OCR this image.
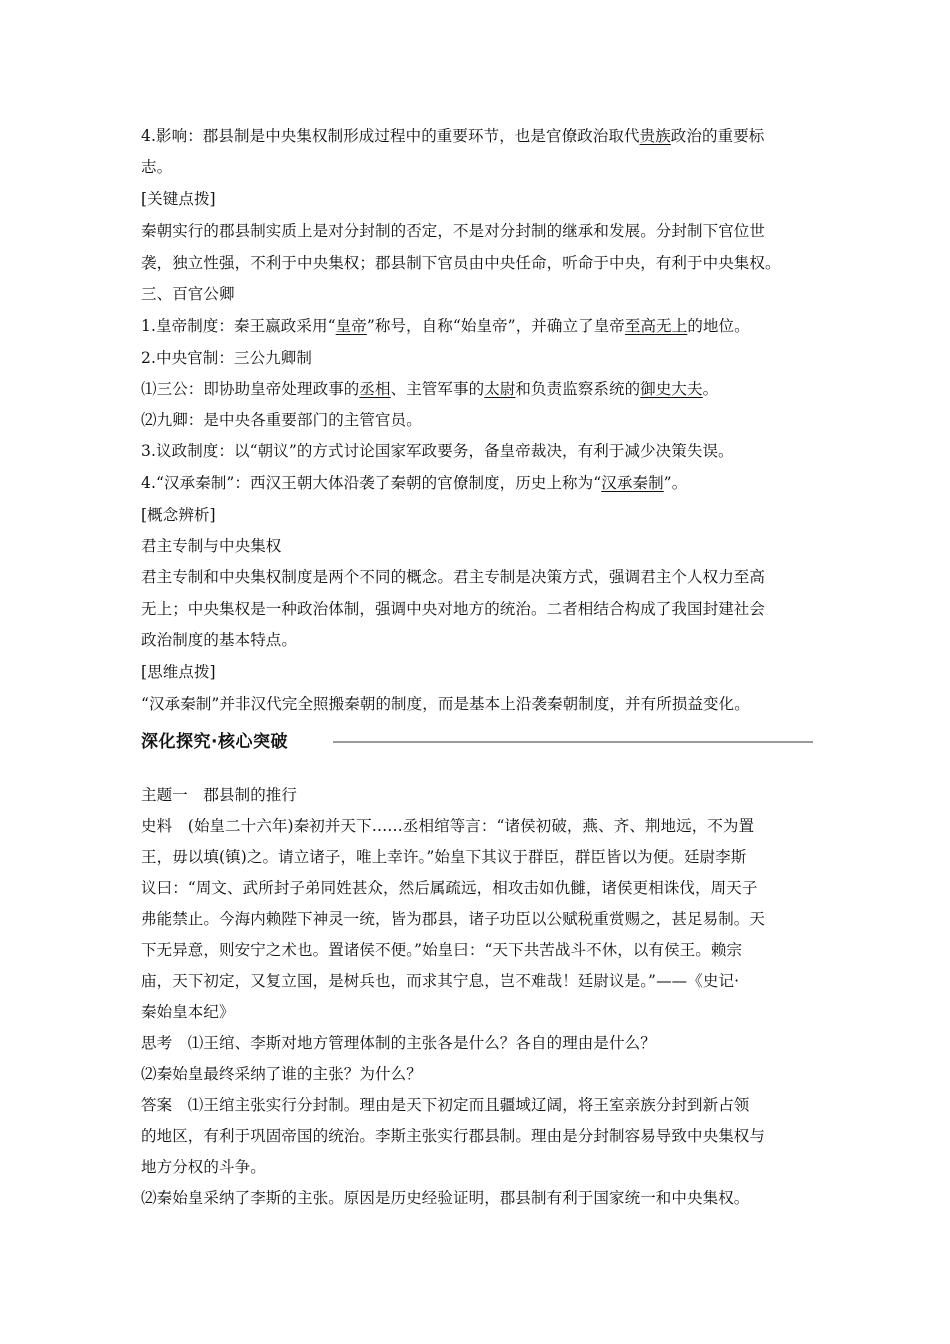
4.影响：郡县制是中央集权制形成过程中的重要环节，也是官僚政治取代贵族政治的重要标
志。
[关键点拨]
秦朝实行的郡县制实质上是对分封制的否定，不是对分封制的继承和发展。分封制下官位世
袭，独立性强，不利于中央集权；郡县制下官员由中央任命，听命于中央，有利于中央集权。
三、百官公卿
1.皇帝制度：秦王嬴政采用“皇帝”称号，自称“始皇帝”，并确立了皇帝至高无上的地位。
2.中央官制：三公九卿制
⑴三公：即协助皇帝处理政事的丞相、主管军事的太尉和负责监察系统的御史大夫。
⑵九卿：是中央各重要部门的主管官员。
3.议政制度：以“朝议”的方式讨论国家军政要务，备皇帝裁决，有利于减少决策失误。
4.“汉承秦制”：西汉王朝大体沿袭了秦朝的官僚制度，历史上称为“汉承秦制”。
[概念辨析]
君主专制与中央集权
君主专制和中央集权制度是两个不同的概念。君主专制是决策方式，强调君主个人权力至高
无上；中央集权是一种政治体制，强调中央对地方的统治。二者相结合构成了我国封建社会
政治制度的基本特点。
[思维点拨]
“汉承秦制”并非汉代完全照搬秦朝的制度，而是基本上沿袭秦朝制度，并有所损益变化。
深化探究·核心突破
主题一　郡县制的推行
史料　(始皇二十六年)秦初并天下……丞相绾等言：“诸侯初破，燕、齐、荆地远，不为置
王，毋以填(镇)之。请立诸子，唯上幸许。”始皇下其议于群臣，群臣皆以为便。廷尉李斯
议曰：“周文、武所封子弟同姓甚众，然后属疏远，相攻击如仇雠，诸侯更相诛伐，周天子
弗能禁止。今海内赖陛下神灵一统，皆为郡县，诸子功臣以公赋税重赏赐之，甚足易制。天
下无异意，则安宁之术也。置诸侯不便。”始皇曰：“天下共苦战斗不休，以有侯王。赖宗
庙，天下初定，又复立国，是树兵也，而求其宁息，岂不难哉！廷尉议是。”——《史记·
秦始皇本纪》
思考　⑴王绾、李斯对地方管理体制的主张各是什么？各自的理由是什么？
⑵秦始皇最终采纳了谁的主张？为什么？
答案　⑴王绾主张实行分封制。理由是天下初定而且疆域辽阔，将王室亲族分封到新占领
的地区，有利于巩固帝国的统治。李斯主张实行郡县制。理由是分封制容易导致中央集权与
地方分权的斗争。
⑵秦始皇采纳了李斯的主张。原因是历史经验证明，郡县制有利于国家统一和中央集权。
